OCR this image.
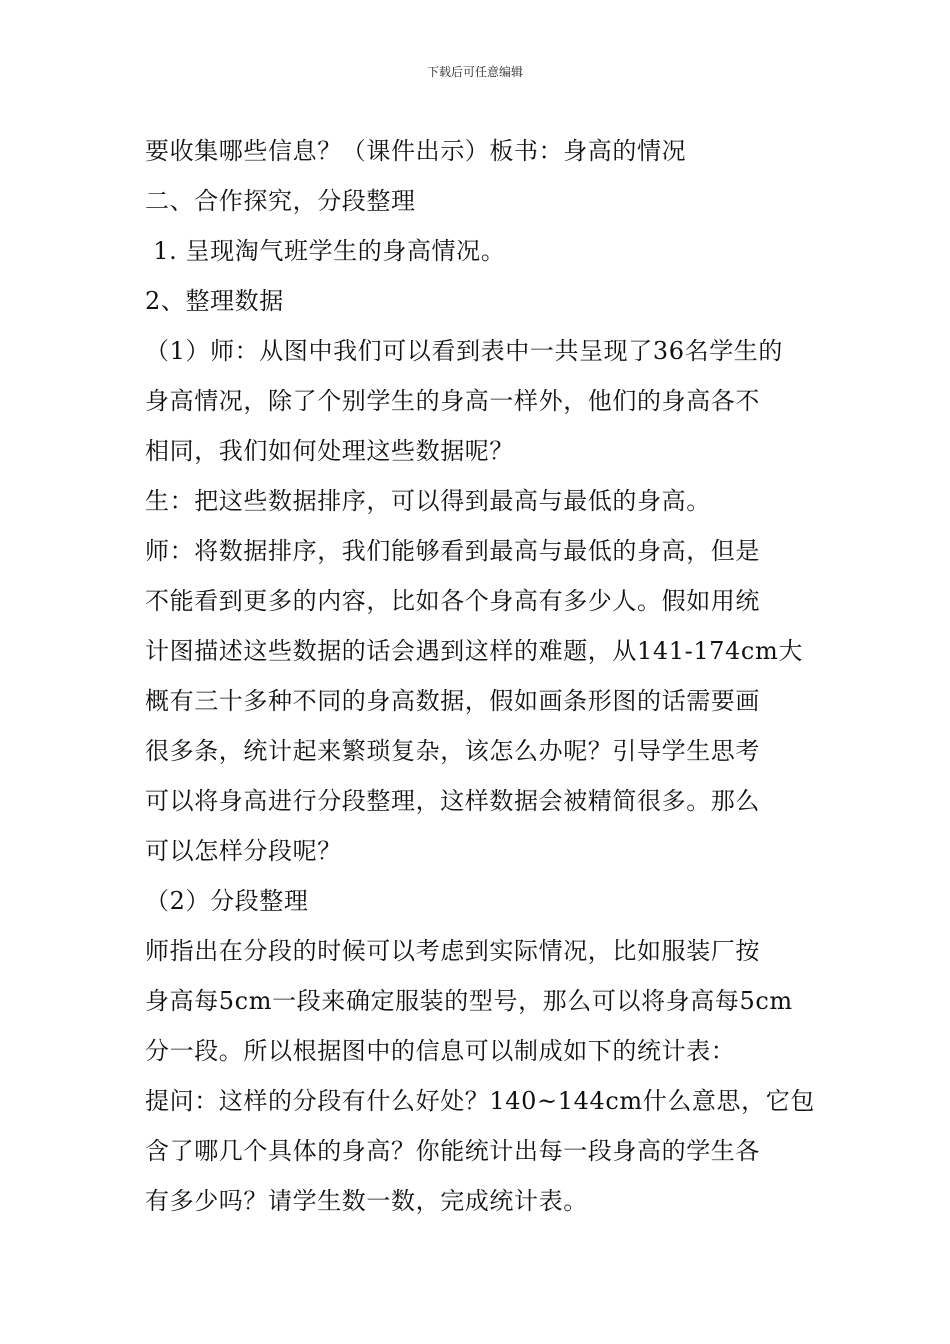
下载后可任意编辑
要收集哪些信息？（课件出示）板书：身高的情况
二、合作探究，分段整理
1. 呈现淘气班学生的身高情况。
2、整理数据
（1）师：从图中我们可以看到表中一共呈现了36名学生的
身高情况，除了个别学生的身高一样外，他们的身高各不
相同，我们如何处理这些数据呢？
生：把这些数据排序，可以得到最高与最低的身高。
师：将数据排序，我们能够看到最高与最低的身高，但是
不能看到更多的内容，比如各个身高有多少人。假如用统
计图描述这些数据的话会遇到这样的难题，从141-174cm大
概有三十多种不同的身高数据，假如画条形图的话需要画
很多条，统计起来繁琐复杂，该怎么办呢？引导学生思考
可以将身高进行分段整理，这样数据会被精简很多。那么
可以怎样分段呢？
（2）分段整理
师指出在分段的时候可以考虑到实际情况，比如服装厂按
身高每5cm一段来确定服装的型号，那么可以将身高每5cm
分一段。所以根据图中的信息可以制成如下的统计表：
提问：这样的分段有什么好处？140~144cm什么意思，它包
含了哪几个具体的身高？你能统计出每一段身高的学生各
有多少吗？请学生数一数，完成统计表。
